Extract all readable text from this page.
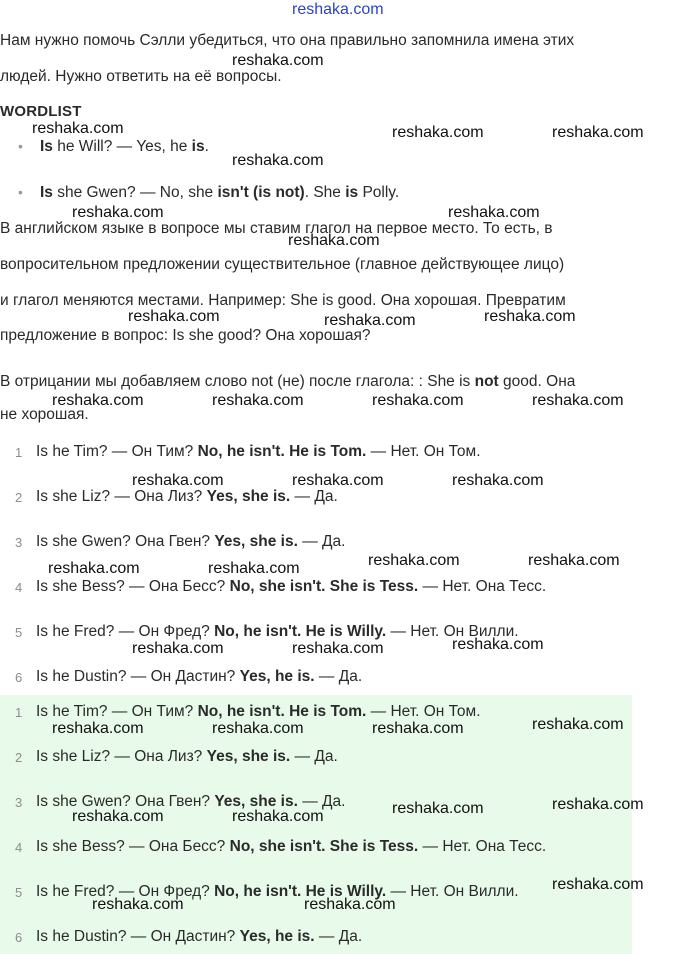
reshaka.com
Нам нужно помочь Сэлли убедиться, что она правильно запомнила имена этих
людей. Нужно ответить на её вопросы.
WORDLIST
• Is he Will? — Yes, he is.
• Is she Gwen? — No, she isn't (is not). She is Polly.
В английском языке в вопросе мы ставим глагол на первое место. То есть, в
вопросительном предложении существительное (главное действующее лицо)
и глагол меняются местами. Например: She is good. Она хорошая. Превратим
предложение в вопрос: Is she good? Она хорошая?
В отрицании мы добавляем слово not (не) после глагола: : She is not good. Она
не хорошая.
1 Is he Tim? — Он Тим? No, he isn't. He is Tom. — Нет. Он Том.
2 Is she Liz? — Она Лиз? Yes, she is. — Да.
3 Is she Gwen? Она Гвен? Yes, she is. — Да.
4 Is she Bess? — Она Бесс? No, she isn't. She is Tess. — Нет. Она Тесс.
5 Is he Fred? — Он Фред? No, he isn't. He is Willy. — Нет. Он Вилли.
6 Is he Dustin? — Он Дастин? Yes, he is. — Да.
1 Is he Tim? — Он Тим? No, he isn't. He is Tom. — Нет. Он Том.
2 Is she Liz? — Она Лиз? Yes, she is. — Да.
3 Is she Gwen? Она Гвен? Yes, she is. — Да.
4 Is she Bess? — Она Бесс? No, she isn't. She is Tess. — Нет. Она Тесс.
5 Is he Fred? — Он Фред? No, he isn't. He is Willy. — Нет. Он Вилли.
6 Is he Dustin? — Он Дастин? Yes, he is. — Да.
reshaka.com
reshaka.com	reshaka.com	reshaka.com
reshaka.com
reshaka.com	reshaka.com
reshaka.com
reshaka.com	reshaka.com
reshaka.com
reshaka.com	reshaka.com	reshaka.com	reshaka.com
reshaka.com	reshaka.com	reshaka.com
reshaka.com	reshaka.com
reshaka.com	reshaka.com
reshaka.com
reshaka.com	reshaka.com
reshaka.com
reshaka.com	reshaka.com	reshaka.com
reshaka.com
reshaka.com
reshaka.com	reshaka.com
reshaka.com
reshaka.com	reshaka.com
